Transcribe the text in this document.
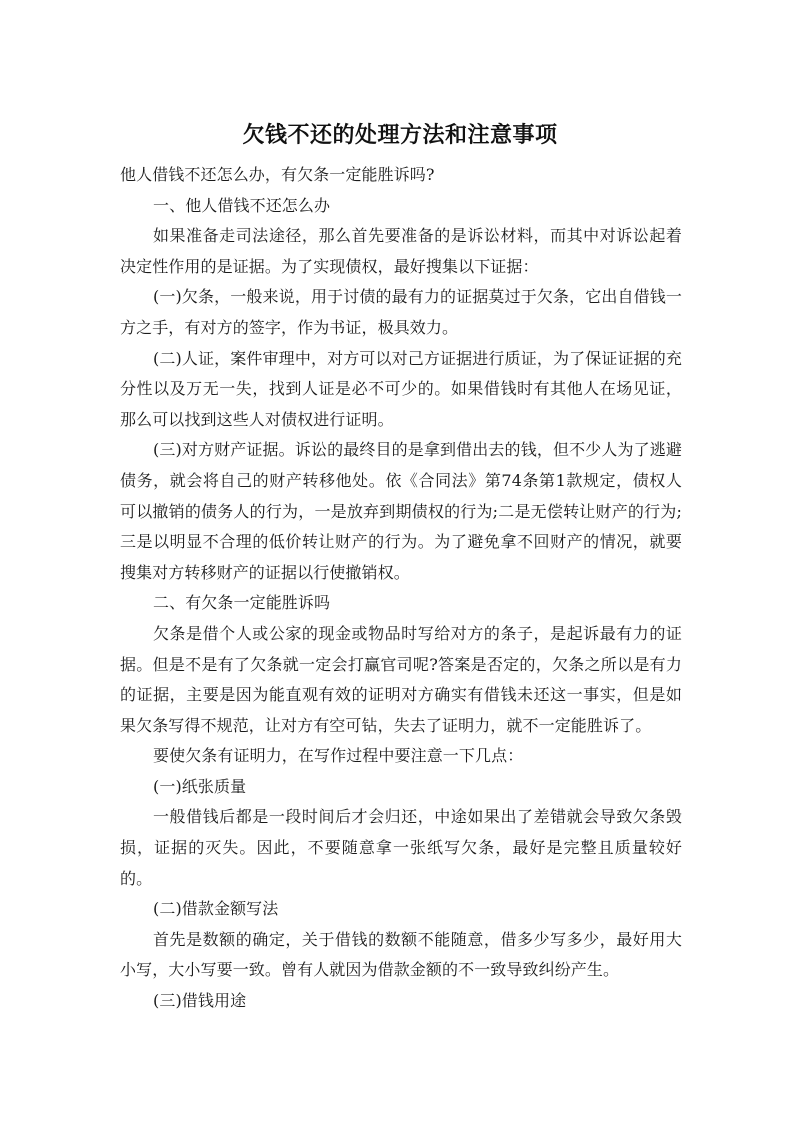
欠钱不还的处理方法和注意事项

他人借钱不还怎么办，有欠条一定能胜诉吗?

一、他人借钱不还怎么办

如果准备走司法途径，那么首先要准备的是诉讼材料，而其中对诉讼起着决定性作用的是证据。为了实现债权，最好搜集以下证据：

(一)欠条，一般来说，用于讨债的最有力的证据莫过于欠条，它出自借钱一方之手，有对方的签字，作为书证，极具效力。

(二)人证，案件审理中，对方可以对己方证据进行质证，为了保证证据的充分性以及万无一失，找到人证是必不可少的。如果借钱时有其他人在场见证，那么可以找到这些人对债权进行证明。

(三)对方财产证据。诉讼的最终目的是拿到借出去的钱，但不少人为了逃避债务，就会将自己的财产转移他处。依《合同法》第74条第1款规定，债权人可以撤销的债务人的行为，一是放弃到期债权的行为;二是无偿转让财产的行为;三是以明显不合理的低价转让财产的行为。为了避免拿不回财产的情况，就要搜集对方转移财产的证据以行使撤销权。

二、有欠条一定能胜诉吗

欠条是借个人或公家的现金或物品时写给对方的条子，是起诉最有力的证据。但是不是有了欠条就一定会打赢官司呢?答案是否定的，欠条之所以是有力的证据，主要是因为能直观有效的证明对方确实有借钱未还这一事实，但是如果欠条写得不规范，让对方有空可钻，失去了证明力，就不一定能胜诉了。

要使欠条有证明力，在写作过程中要注意一下几点：

(一)纸张质量

一般借钱后都是一段时间后才会归还，中途如果出了差错就会导致欠条毁损，证据的灭失。因此，不要随意拿一张纸写欠条，最好是完整且质量较好的。

(二)借款金额写法

首先是数额的确定，关于借钱的数额不能随意，借多少写多少，最好用大小写，大小写要一致。曾有人就因为借款金额的不一致导致纠纷产生。

(三)借钱用途
